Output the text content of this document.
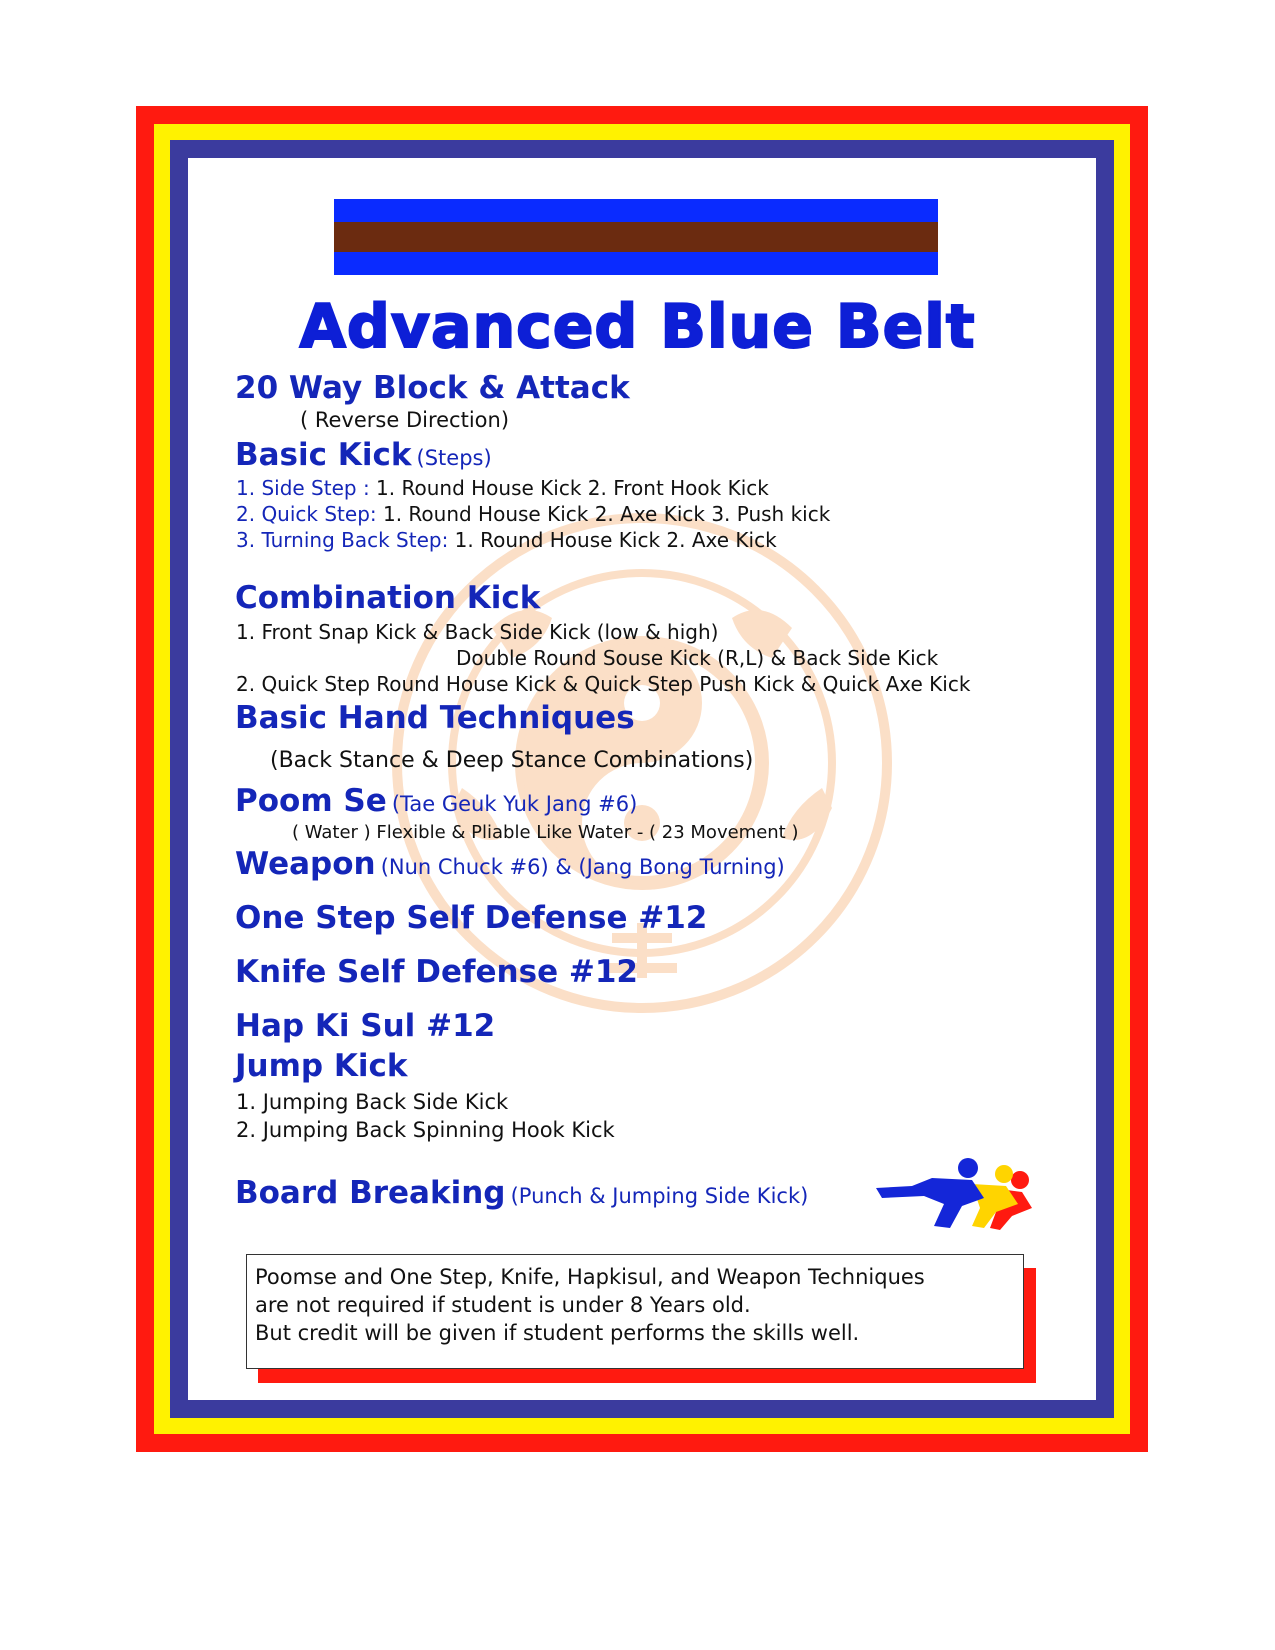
Advanced Blue Belt
20 Way Block & Attack
( Reverse Direction)
Basic Kick (Steps)
1. Side Step : 1. Round House Kick 2. Front Hook Kick
2. Quick Step: 1. Round House Kick 2. Axe Kick 3. Push kick
3. Turning Back Step: 1. Round House Kick 2. Axe Kick
Combination Kick
1. Front Snap Kick & Back Side Kick (low & high)
Double Round Souse Kick (R,L) & Back Side Kick
2. Quick Step Round House Kick & Quick Step Push Kick & Quick Axe Kick
Basic Hand Techniques
(Back Stance & Deep Stance Combinations)
Poom Se (Tae Geuk Yuk Jang #6)
( Water ) Flexible & Pliable Like Water - ( 23 Movement )
Weapon (Nun Chuck #6) & (Jang Bong Turning)
One Step Self Defense #12
Knife Self Defense #12
Hap Ki Sul #12
Jump Kick
1. Jumping Back Side Kick
2. Jumping Back Spinning Hook Kick
Board Breaking (Punch & Jumping Side Kick)
Poomse and One Step, Knife, Hapkisul, and Weapon Techniques
are not required if student is under 8 Years old.
But credit will be given if student performs the skills well.
